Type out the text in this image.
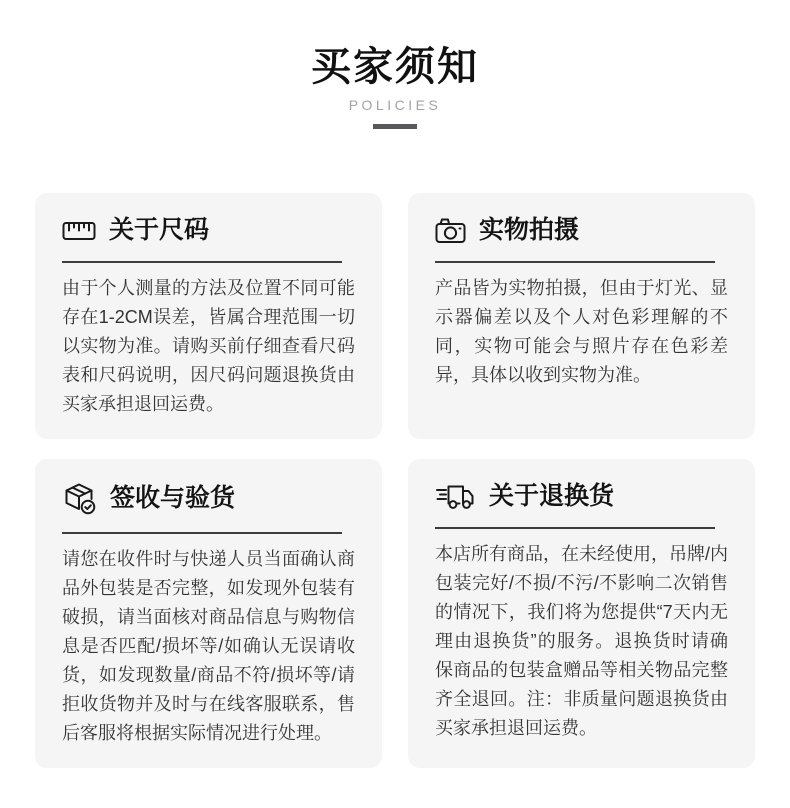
买家须知
POLICIES
关于尺码

由于个人测量的方法及位置不同可能存在1-2CM误差，皆属合理范围一切以实物为准。请购买前仔细查看尺码表和尺码说明，因尺码问题退换货由买家承担退回运费。

实物拍摄

产品皆为实物拍摄，但由于灯光、显示器偏差以及个人对色彩理解的不同，实物可能会与照片存在色彩差异，具体以收到实物为准。

签收与验货

请您在收件时与快递人员当面确认商品外包装是否完整，如发现外包装有破损，请当面核对商品信息与购物信息是否匹配/损坏等/如确认无误请收货，如发现数量/商品不符/损坏等/请拒收货物并及时与在线客服联系，售后客服将根据实际情况进行处理。

关于退换货

本店所有商品，在未经使用，吊牌/内包装完好/不损/不污/不影响二次销售的情况下，我们将为您提供“7天内无理由退换货”的服务。退换货时请确保商品的包装盒赠品等相关物品完整齐全退回。注：非质量问题退换货由买家承担退回运费。
